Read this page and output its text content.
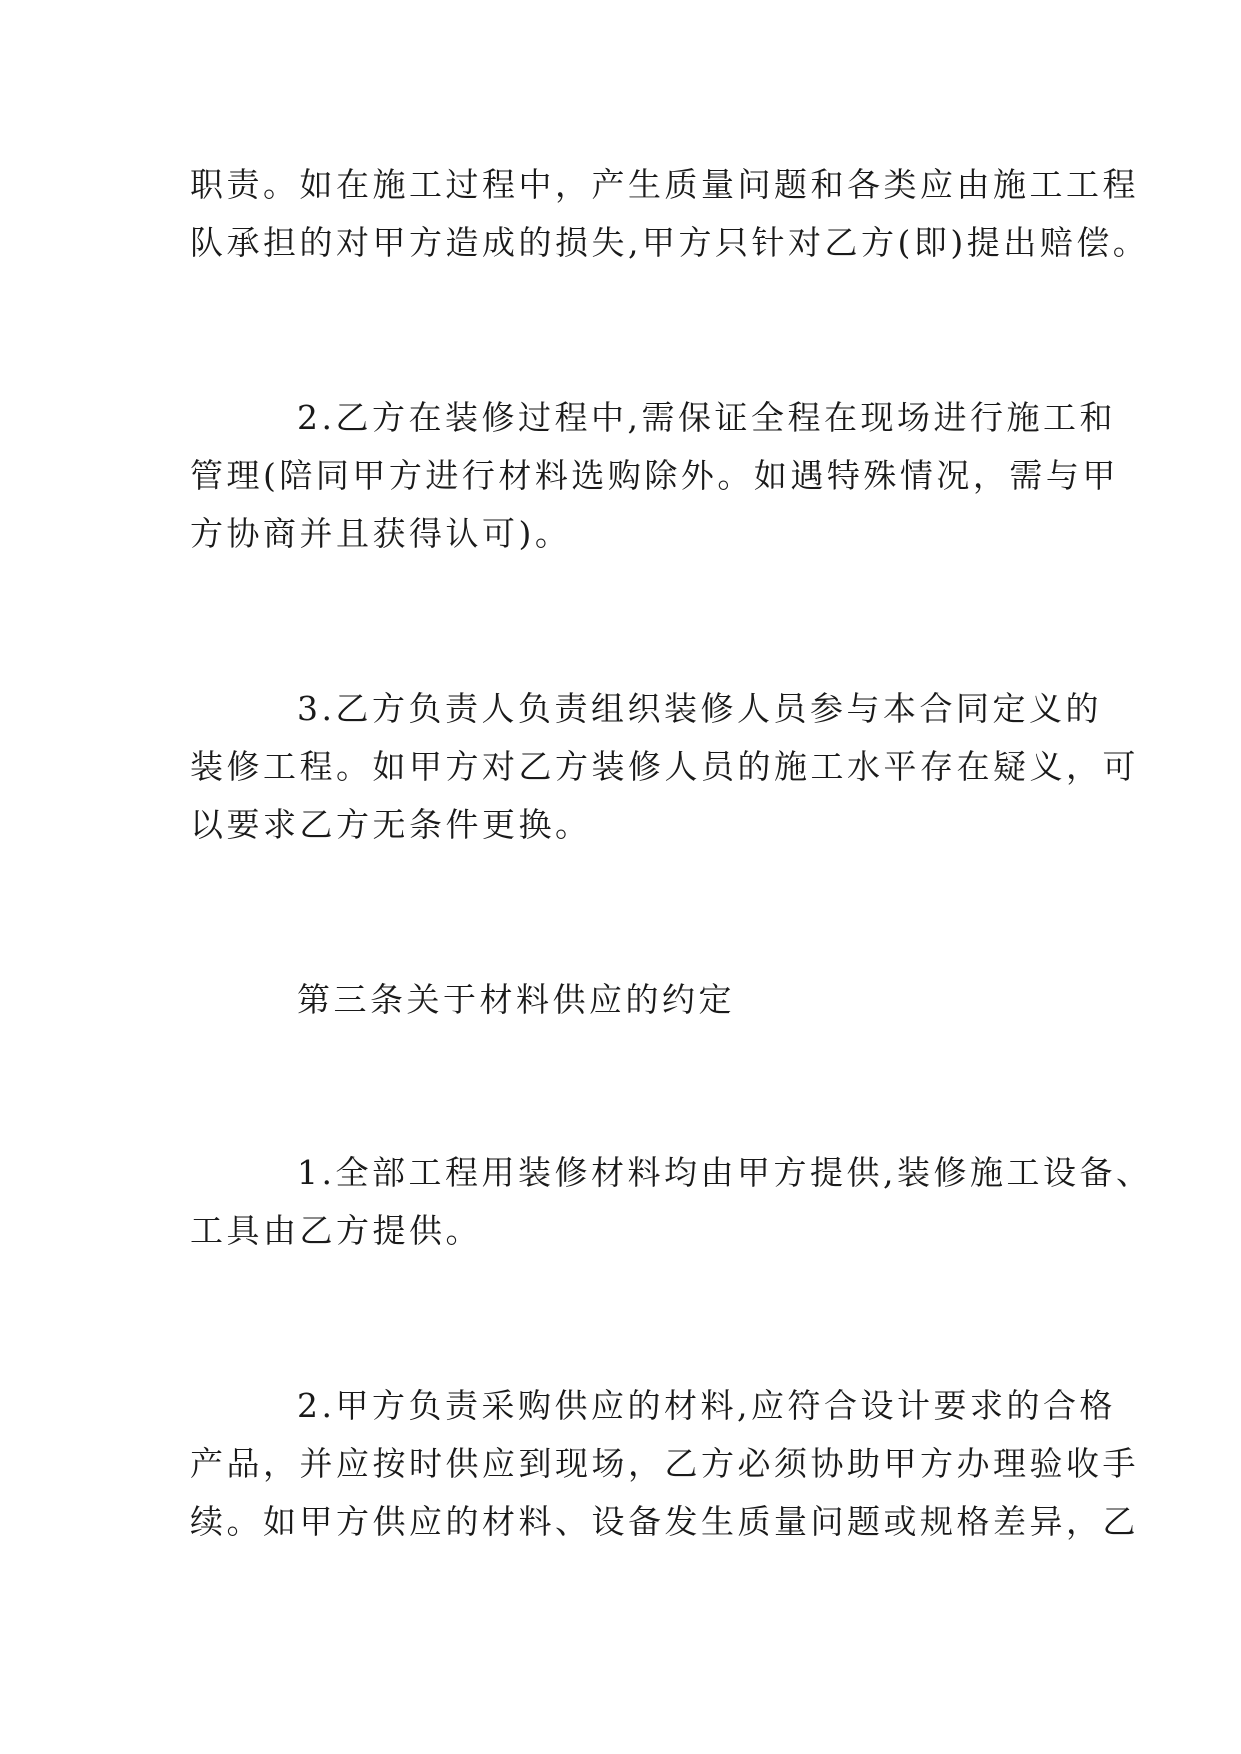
职责。如在施工过程中，产生质量问题和各类应由施工工程
队承担的对甲方造成的损失,甲方只针对乙方(即)提出赔偿。
2.乙方在装修过程中,需保证全程在现场进行施工和
管理(陪同甲方进行材料选购除外。如遇特殊情况，需与甲
方协商并且获得认可)。
3.乙方负责人负责组织装修人员参与本合同定义的
装修工程。如甲方对乙方装修人员的施工水平存在疑义，可
以要求乙方无条件更换。
第三条关于材料供应的约定
1.全部工程用装修材料均由甲方提供,装修施工设备、
工具由乙方提供。
2.甲方负责采购供应的材料,应符合设计要求的合格
产品，并应按时供应到现场，乙方必须协助甲方办理验收手
续。如甲方供应的材料、设备发生质量问题或规格差异，乙
